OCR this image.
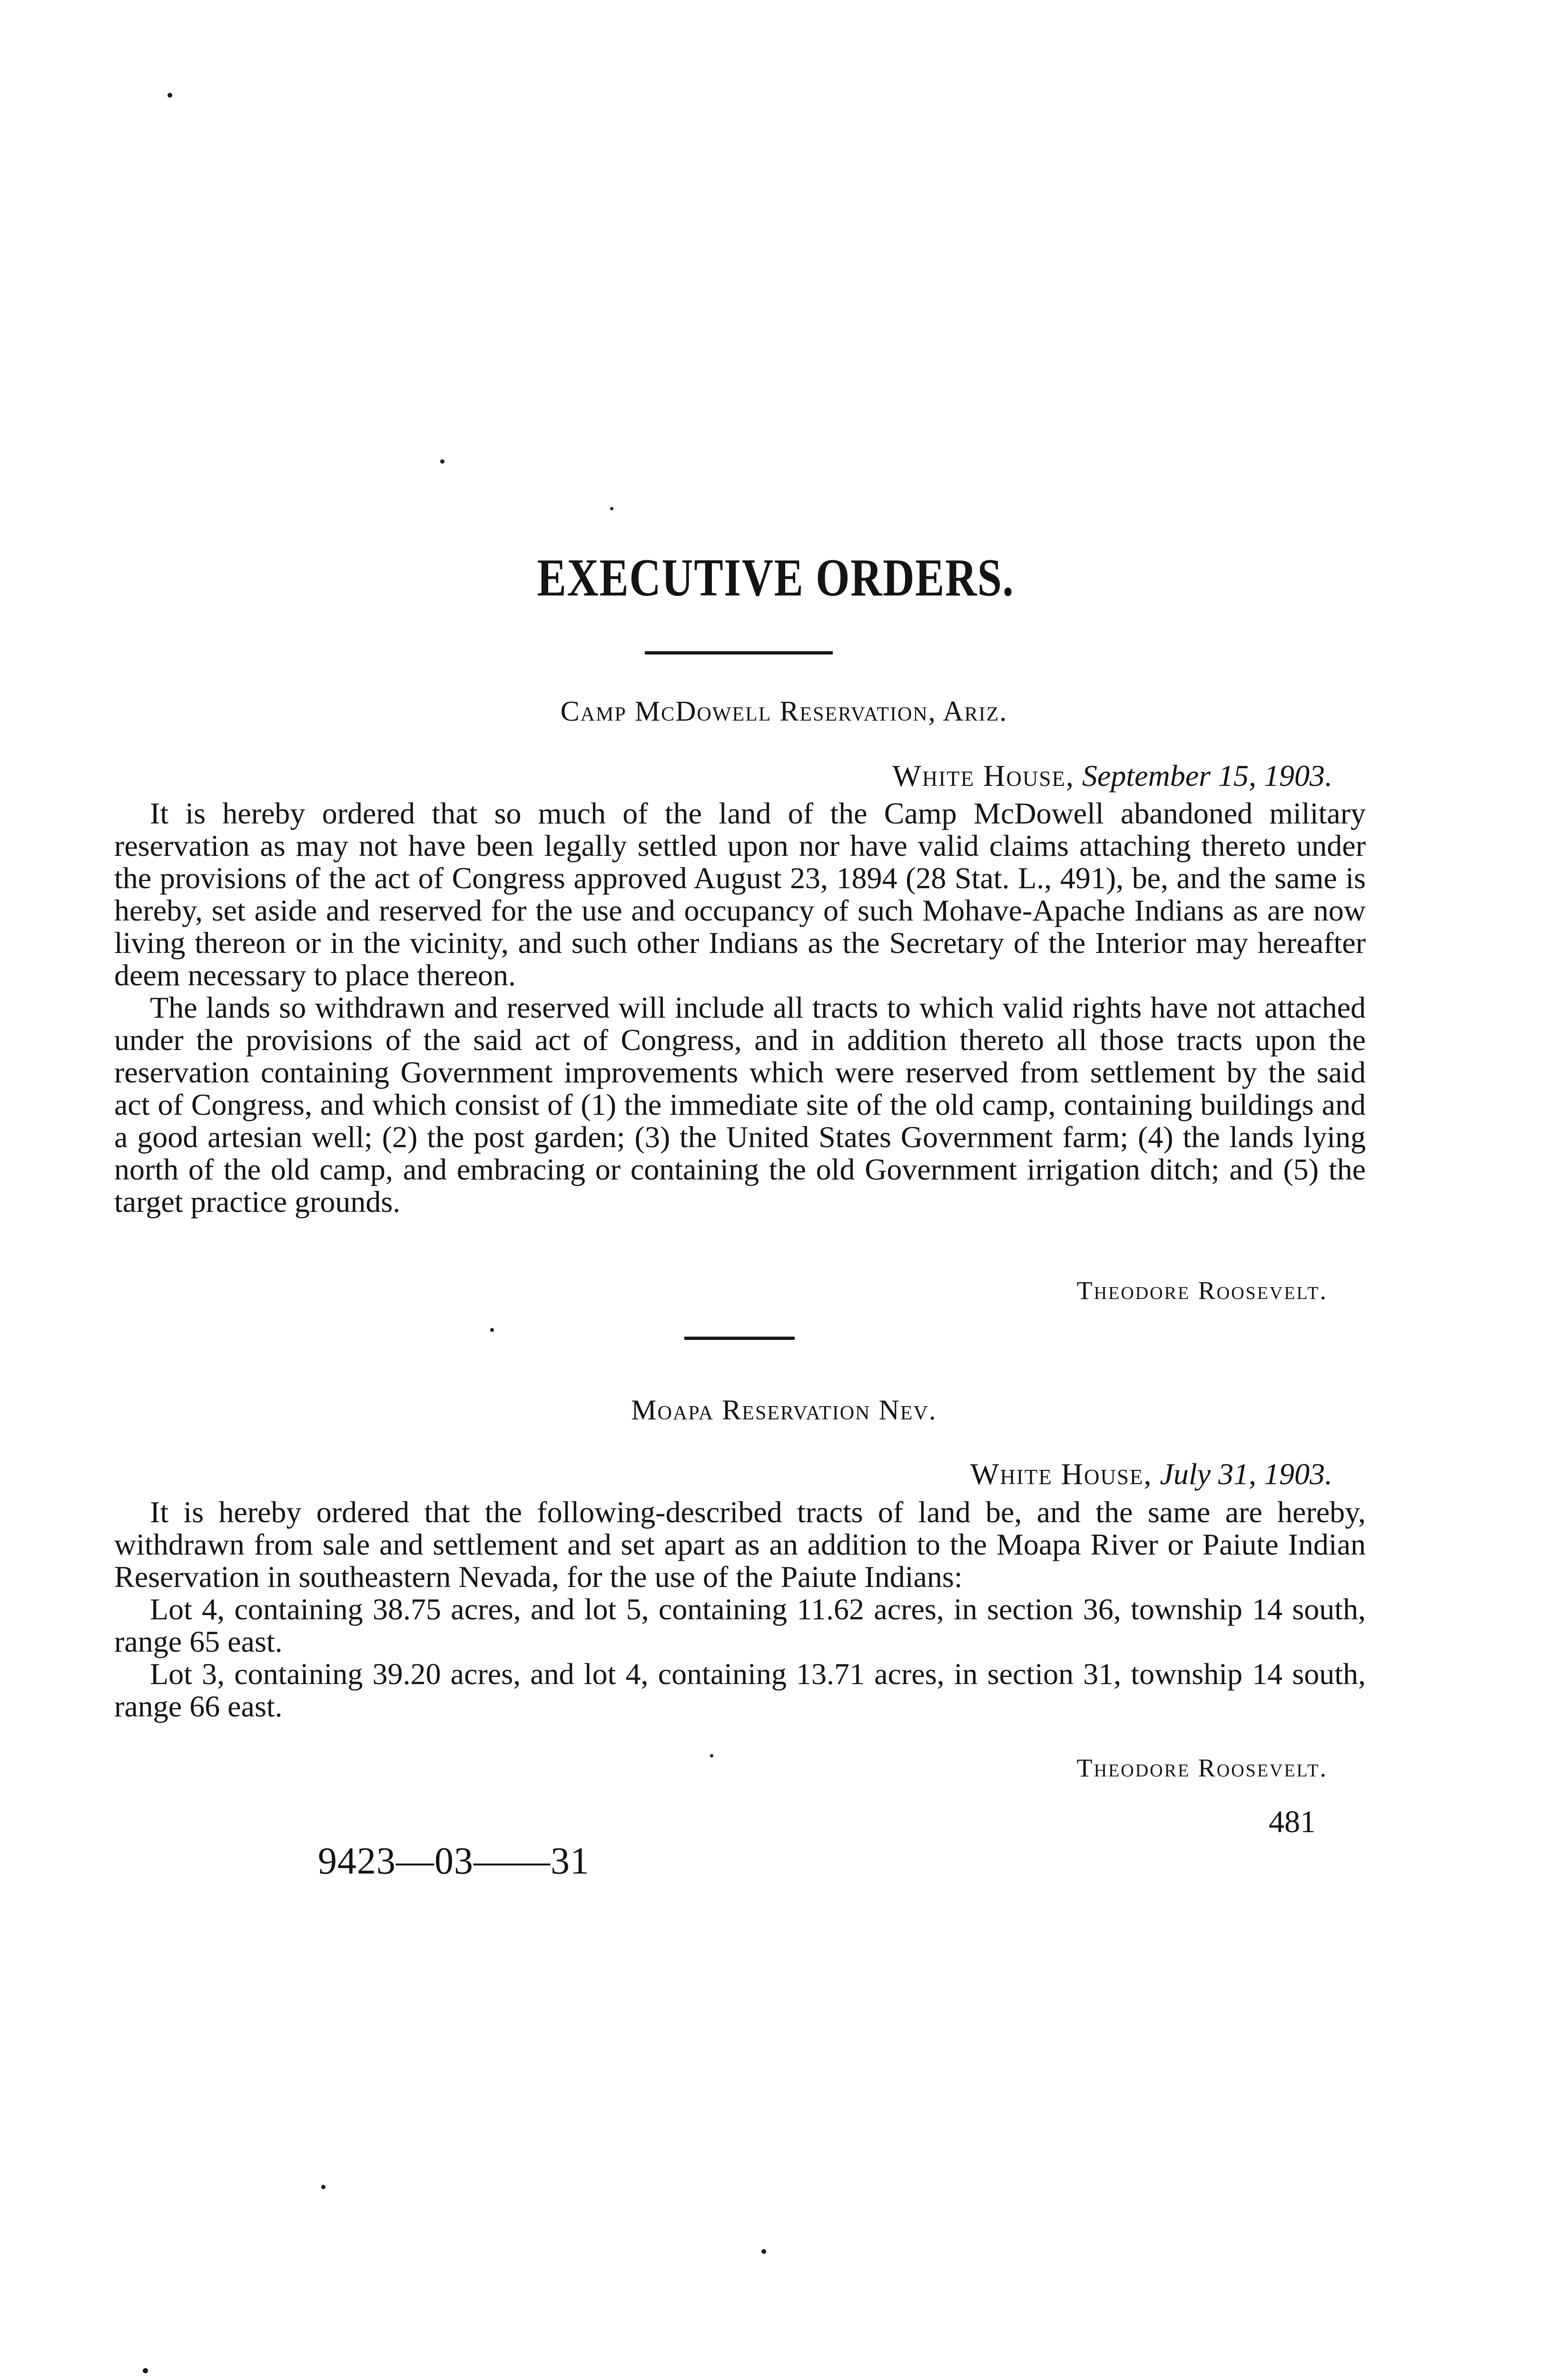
EXECUTIVE ORDERS.
Camp McDowell Reservation, Ariz.
White House, September 15, 1903.

It is hereby ordered that so much of the land of the Camp McDowell abandoned military reservation as may not have been legally settled upon nor have valid claims attaching thereto under the provisions of the act of Congress approved August 23, 1894 (28 Stat. L., 491), be, and the same is hereby, set aside and reserved for the use and occupancy of such Mohave-Apache Indians as are now living thereon or in the vicinity, and such other Indians as the Secretary of the Interior may hereafter deem necessary to place thereon.

The lands so withdrawn and reserved will include all tracts to which valid rights have not attached under the provisions of the said act of Congress, and in addition thereto all those tracts upon the reservation containing Government improvements which were reserved from settlement by the said act of Congress, and which consist of (1) the immediate site of the old camp, containing buildings and a good artesian well; (2) the post garden; (3) the United States Government farm; (4) the lands lying north of the old camp, and embracing or containing the old Government irrigation ditch; and (5) the target practice grounds.

Theodore Roosevelt.
Moapa Reservation Nev.
White House, July 31, 1903.

It is hereby ordered that the following-described tracts of land be, and the same are hereby, withdrawn from sale and settlement and set apart as an addition to the Moapa River or Paiute Indian Reservation in southeastern Nevada, for the use of the Paiute Indians:

Lot 4, containing 38.75 acres, and lot 5, containing 11.62 acres, in section 36, township 14 south, range 65 east.

Lot 3, containing 39.20 acres, and lot 4, containing 13.71 acres, in section 31, township 14 south, range 66 east.

Theodore Roosevelt.
481
9423—03——31
